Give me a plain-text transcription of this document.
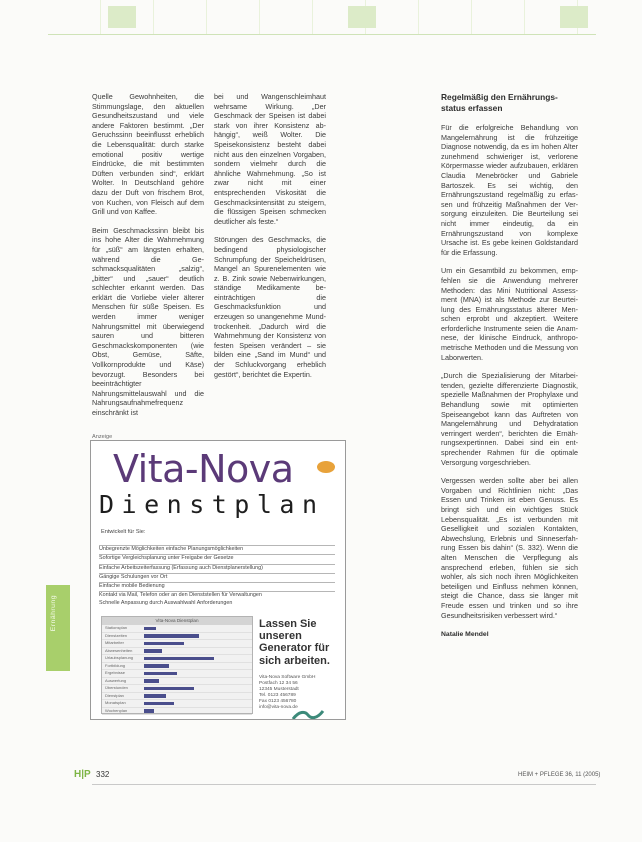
Quelle Gewohnheiten, die Stimmungslage, den aktuellen Gesundheitszustand und viele andere Faktoren bestimmt. „Der Geruchssinn beeinflusst erheblich die Lebensqualität: durch starke emotional positiv wertige Eindrücke, die mit bestimmten Düften verbunden sind“, erklärt Wolter. In Deutschland gehöre dazu der Duft von frischem Brot, von Kuchen, von Fleisch auf dem Grill und von Kaffee.

Beim Geschmackssinn bleibt bis ins hohe Alter die Wahrnehmung für „süß“ am längsten erhalten, während die Geschmacksqualitäten „salzig“, „bitter“ und „sauer“ deutlich schlechter erkannt werden. Das erklärt die Vorliebe vieler älterer Menschen für süße Speisen. Es werden immer weniger Nahrungsmittel mit überwiegend sauren und bitteren Geschmackskomponenten (wie Obst, Gemüse, Säfte, Vollkornprodukte und Käse) bevorzugt. Besonders bei beeinträchtigter Nahrungsmittelauswahl und die Nahrungsaufnahmefrequenz einschränkt ist

bei und Wangenschleimhaut wehrsame Wirkung. „Der Geschmack der Speisen ist dabei stark von ihrer Konsistenz abhängig“, weiß Wolter. Die Speisekonsistenz besteht dabei nicht aus den einzelnen Vorgaben, sondern vielmehr durch die ähnliche Wahrnehmung. „So ist zwar nicht mit einer entsprechenden Viskosität die Geschmacksintensität zu steigern, die flüssigen Speisen schmecken deutlicher als feste.“

Störungen des Geschmacks, die bedingend physiologischer Schrumpfung der Speicheldrüsen, Mangel an Spurenelementen wie z. B. Zink sowie Nebenwirkungen, ständige Medikamente beeinträchtigen die Geschmacksfunktion und erzeugen so unangenehme Mundtrockenheit. „Dadurch wird die Wahrnehmung der Konsistenz von festen Speisen verändert – sie bilden eine „Sand im Mund“ und der Schluckvorgang erheblich gestört“, berichtet die Expertin.

Regelmäßig den Ernährungsstatus erfassen

Für die erfolgreiche Behandlung von Mangelernährung ist die frühzeitige Diagnose notwendig, da es im hohen Alter zunehmend schwieriger ist, verlorene Körpermasse wieder aufzubauen, erklären Claudia Menebröcker und Gabriele Bartoszek. Es sei wichtig, den Ernährungszustand regelmäßig zu erfassen und frühzeitig Maßnahmen der Versorgung einzuleiten. Die Beurteilung sei nicht immer eindeutig, da ein Ernährungszustand von komplexe Ursache ist. Es gebe keinen Goldstandard für die Erfassung.

Um ein Gesamtbild zu bekommen, empfehlen sie die Anwendung mehrerer Methoden: das Mini Nutritional Assessment (MNA) ist als Methode zur Beurteilung des Ernährungsstatus älterer Menschen erprobt und akzeptiert. Weitere erforderliche Instrumente seien die Anamnese, der klinische Eindruck, anthropometrische Methoden und die Messung von Laborwerten.

„Durch die Spezialisierung der Mitarbeitenden, gezielte differenzierte Diagnostik, spezielle Maßnahmen der Prophylaxe und Behandlung sowie mit optimierten Speiseangebot kann das Auftreten von Mangelernährung und Dehydratation verringert werden“, berichten die Ernährungsexpertinnen. Dabei sind ein entsprechender Rahmen für die optimale Versorgung vorgeschrieben.

Vergessen werden sollte aber bei allen Vorgaben und Richtlinien nicht: „Das Essen und Trinken ist eben Genuss. Es bringt sich und ein wichtiges Stück Lebensqualität. „Es ist verbunden mit Geselligkeit und sozialen Kontakten, Abwechslung, Erlebnis und Sinneserfahrung Essen bis dahin“ (S. 332). Wenn die alten Menschen die Verpflegung als ansprechend erleben, fühlen sie sich wohler, als sich noch ihren Möglichkeiten beteiligen und Einfluss nehmen können, steigt die Chance, dass sie länger mit Freude essen und trinken und so ihre Gesundheitsrisiken verbessert wird.“

Natalie Mendel
Ernährung
Anzeige
Vita-Nova
Dienstplan
Entwickelt für Sie:
Unbegrenzte Möglichkeiten einfache Planungsmöglichkeiten
Sofortige Vergleichsplanung unter Freigabe der Gesetze
Einfache Arbeitszeiterfassung (Erfassung auch Dienstplanerstellung)
Gängige Schulungen vor Ort
Einfache mobile Bedienung
Kontakt via Mail, Telefon oder an den Dienststellen für Verwaltungen
Schnelle Anpassung durch Auswahlwahl Anforderungen
Vita-Nova Dienstplan
Stationsplan
Dienstzeiten
Mitarbeiter
Abwesenheiten
Urlaubsplanung
Fortbildung
Ergebnisse
Auswertung
Überstunden
Dienstplan
Monatsplan
Wochenplan
Lassen Sie unseren Generator für sich arbeiten.
Vita-Nova Software GmbH
Postfach 12 34 56
12345 Musterstadt
Tel. 0123 456789
Fax 0123 456780
info@vita-nova.de
H|P 332	HEIM + PFLEGE 36, 11 (2005)
